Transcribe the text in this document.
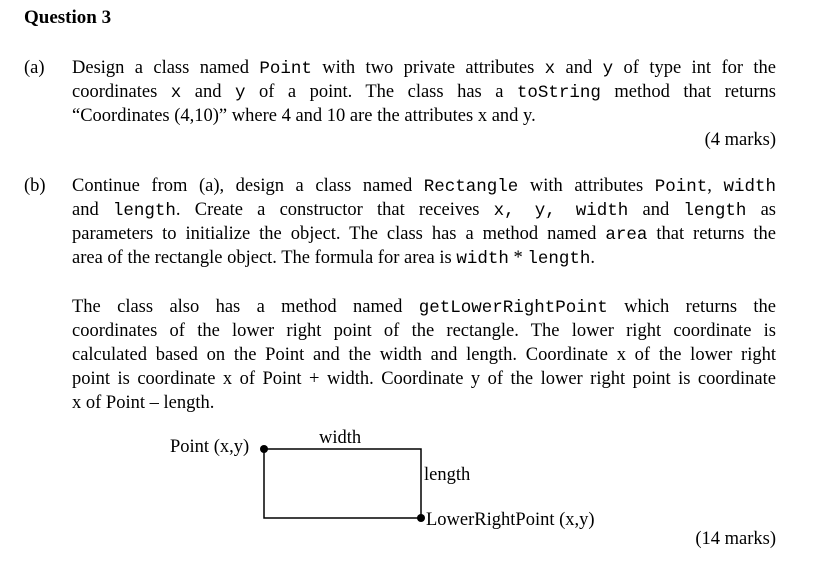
Question 3
(a) Design a class named Point with two private attributes x and y of type int for the
coordinates x and y of a point. The class has a toString method that returns
“Coordinates (4,10)” where 4 and 10 are the attributes x and y.
(4 marks)
(b) Continue from (a), design a class named Rectangle with attributes Point, width
and length. Create a constructor that receives x, y, width and length as
parameters to initialize the object. The class has a method named area that returns the
area of the rectangle object. The formula for area is width * length.
The class also has a method named getLowerRightPoint which returns the
coordinates of the lower right point of the rectangle. The lower right coordinate is
calculated based on the Point and the width and length. Coordinate x of the lower right
point is coordinate x of Point + width. Coordinate y of the lower right point is coordinate
x of Point – length.
Point (x,y)	width
length
LowerRightPoint (x,y)
(14 marks)
